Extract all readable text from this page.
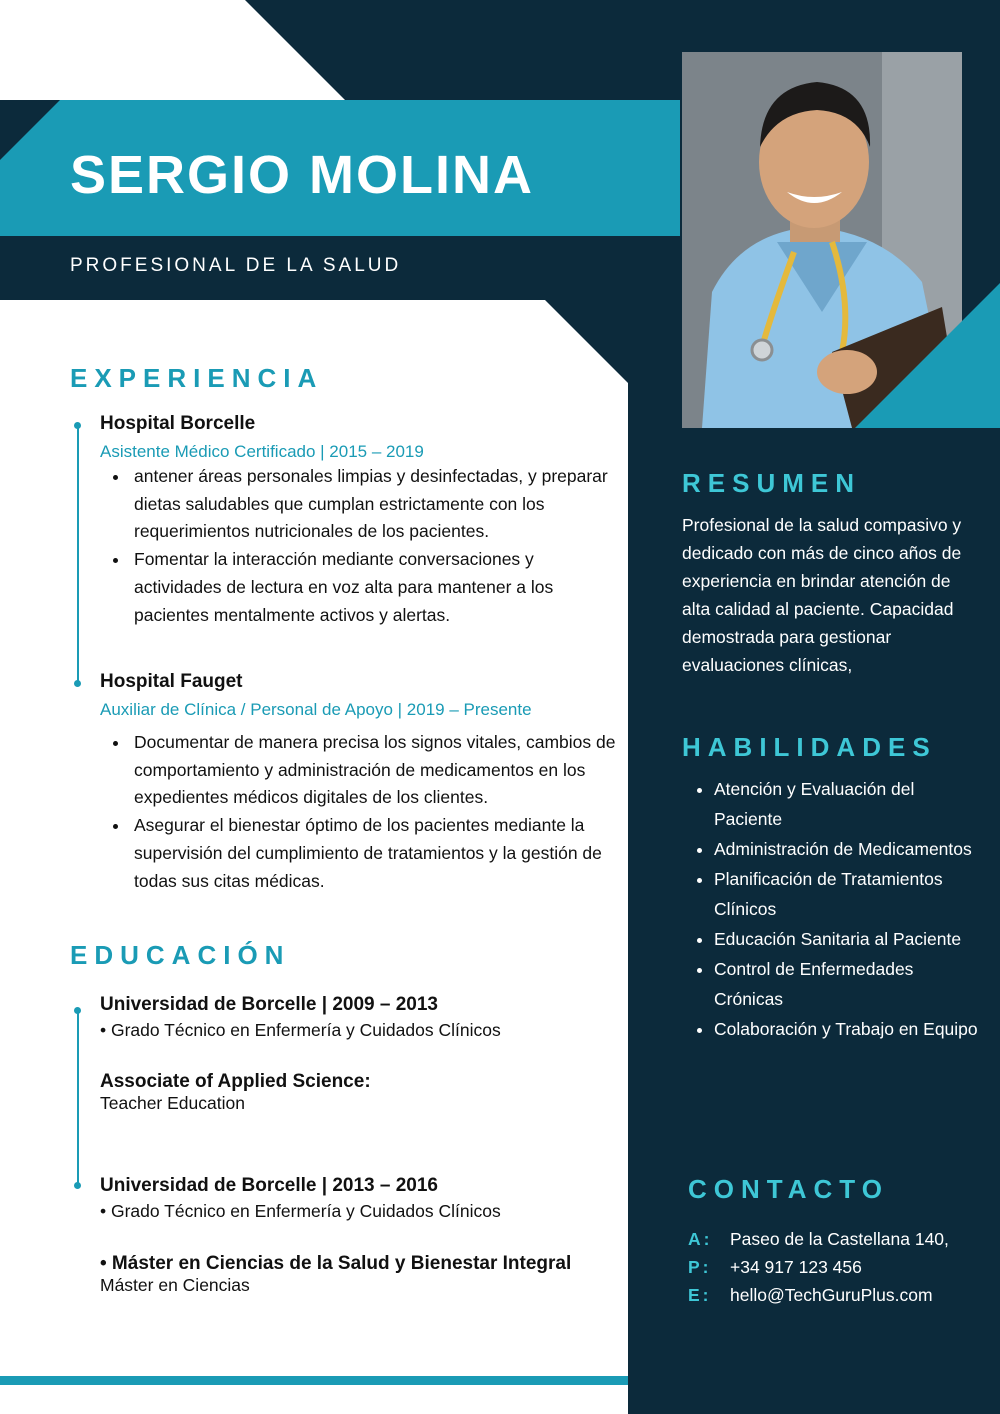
SERGIO MOLINA
PROFESIONAL DE LA SALUD
EXPERIENCIA
Hospital Borcelle
Asistente Médico Certificado | 2015 – 2019
• antener áreas personales limpias y desinfectadas, y preparar dietas saludables que cumplan estrictamente con los requerimientos nutricionales de los pacientes.
• Fomentar la interacción mediante conversaciones y actividades de lectura en voz alta para mantener a los pacientes mentalmente activos y alertas.
Hospital Fauget
Auxiliar de Clínica / Personal de Apoyo | 2019 – Presente
• Documentar de manera precisa los signos vitales, cambios de comportamiento y administración de medicamentos en los expedientes médicos digitales de los clientes.
• Asegurar el bienestar óptimo de los pacientes mediante la supervisión del cumplimiento de tratamientos y la gestión de todas sus citas médicas.
EDUCACIÓN
Universidad de Borcelle | 2009 – 2013
• Grado Técnico en Enfermería y Cuidados Clínicos
Associate of Applied Science:
Teacher Education
Universidad de Borcelle | 2013 – 2016
• Grado Técnico en Enfermería y Cuidados Clínicos
• Máster en Ciencias de la Salud y Bienestar Integral
Máster en Ciencias
RESUMEN
Profesional de la salud compasivo y dedicado con más de cinco años de experiencia en brindar atención de alta calidad al paciente. Capacidad demostrada para gestionar evaluaciones clínicas,
HABILIDADES
• Atención y Evaluación del Paciente
• Administración de Medicamentos
• Planificación de Tratamientos Clínicos
• Educación Sanitaria al Paciente
• Control de Enfermedades Crónicas
• Colaboración y Trabajo en Equipo
CONTACTO
A: Paseo de la Castellana 140,
P: +34 917 123 456
E: hello@TechGuruPlus.com
